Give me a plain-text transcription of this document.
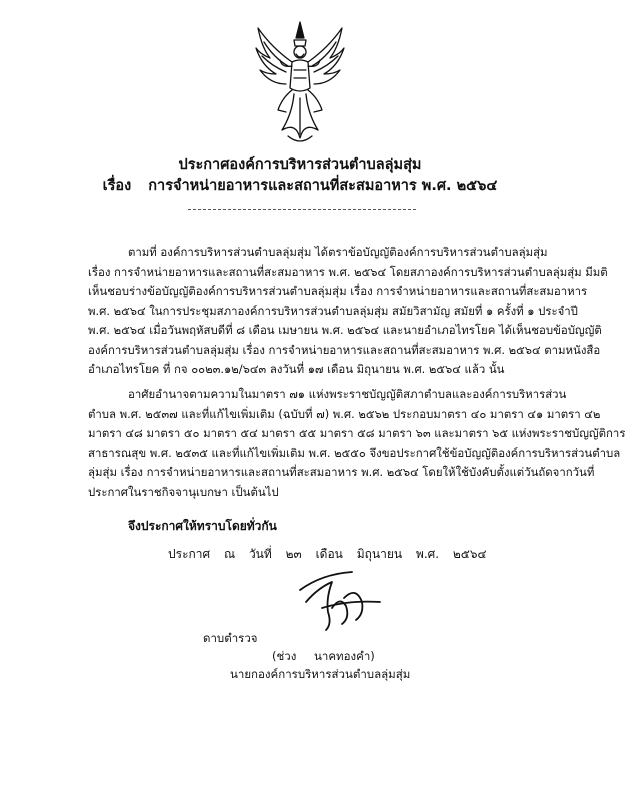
ประกาศองค์การบริหารส่วนตำบลลุ่มสุ่ม
เรื่อง การจำหน่ายอาหารและสถานที่สะสมอาหาร พ.ศ. ๒๕๖๔
ตามที่ องค์การบริหารส่วนตำบลลุ่มสุ่ม ได้ตราข้อบัญญัติองค์การบริหารส่วนตำบลลุ่มสุ่ม
เรื่อง การจำหน่ายอาหารและสถานที่สะสมอาหาร พ.ศ. ๒๕๖๔ โดยสภาองค์การบริหารส่วนตำบลลุ่มสุ่ม มีมติ
เห็นชอบร่างข้อบัญญัติองค์การบริหารส่วนตำบลลุ่มสุ่ม เรื่อง การจำหน่ายอาหารและสถานที่สะสมอาหาร
พ.ศ. ๒๕๖๔ ในการประชุมสภาองค์การบริหารส่วนตำบลลุ่มสุ่ม สมัยวิสามัญ สมัยที่ ๑ ครั้งที่ ๑ ประจำปี
พ.ศ. ๒๕๖๔ เมื่อวันพฤหัสบดีที่ ๘ เดือน เมษายน พ.ศ. ๒๕๖๔ และนายอำเภอไทรโยค ได้เห็นชอบข้อบัญญัติ
องค์การบริหารส่วนตำบลลุ่มสุ่ม เรื่อง การจำหน่ายอาหารและสถานที่สะสมอาหาร พ.ศ. ๒๕๖๔ ตามหนังสือ
อำเภอไทรโยค ที่ กจ ๐๐๒๓.๑๒/๖๔๓ ลงวันที่ ๑๗ เดือน มิถุนายน พ.ศ. ๒๕๖๔ แล้ว นั้น
อาศัยอำนาจตามความในมาตรา ๗๑ แห่งพระราชบัญญัติสภาตำบลและองค์การบริหารส่วน
ตำบล พ.ศ. ๒๕๓๗ และที่แก้ไขเพิ่มเติม (ฉบับที่ ๗) พ.ศ. ๒๕๖๒ ประกอบมาตรา ๔๐ มาตรา ๔๑ มาตรา ๔๒
มาตรา ๔๘ มาตรา ๕๐ มาตรา ๕๔ มาตรา ๕๕ มาตรา ๕๘ มาตรา ๖๓ และมาตรา ๖๕ แห่งพระราชบัญญัติการ
สาธารณสุข พ.ศ. ๒๕๓๕ และที่แก้ไขเพิ่มเติม พ.ศ. ๒๕๕๐ จึงขอประกาศใช้ข้อบัญญัติองค์การบริหารส่วนตำบล
ลุ่มสุ่ม เรื่อง การจำหน่ายอาหารและสถานที่สะสมอาหาร พ.ศ. ๒๕๖๔ โดยให้ใช้บังคับตั้งแต่วันถัดจากวันที่
ประกาศในราชกิจจานุเบกษา เป็นต้นไป
จึงประกาศให้ทราบโดยทั่วกัน
ประกาศ ณ วันที่ ๒๓ เดือน มิถุนายน พ.ศ. ๒๕๖๔
ดาบตำรวจ
(ช่วง นาคทองคำ)
นายกองค์การบริหารส่วนตำบลลุ่มสุ่ม
